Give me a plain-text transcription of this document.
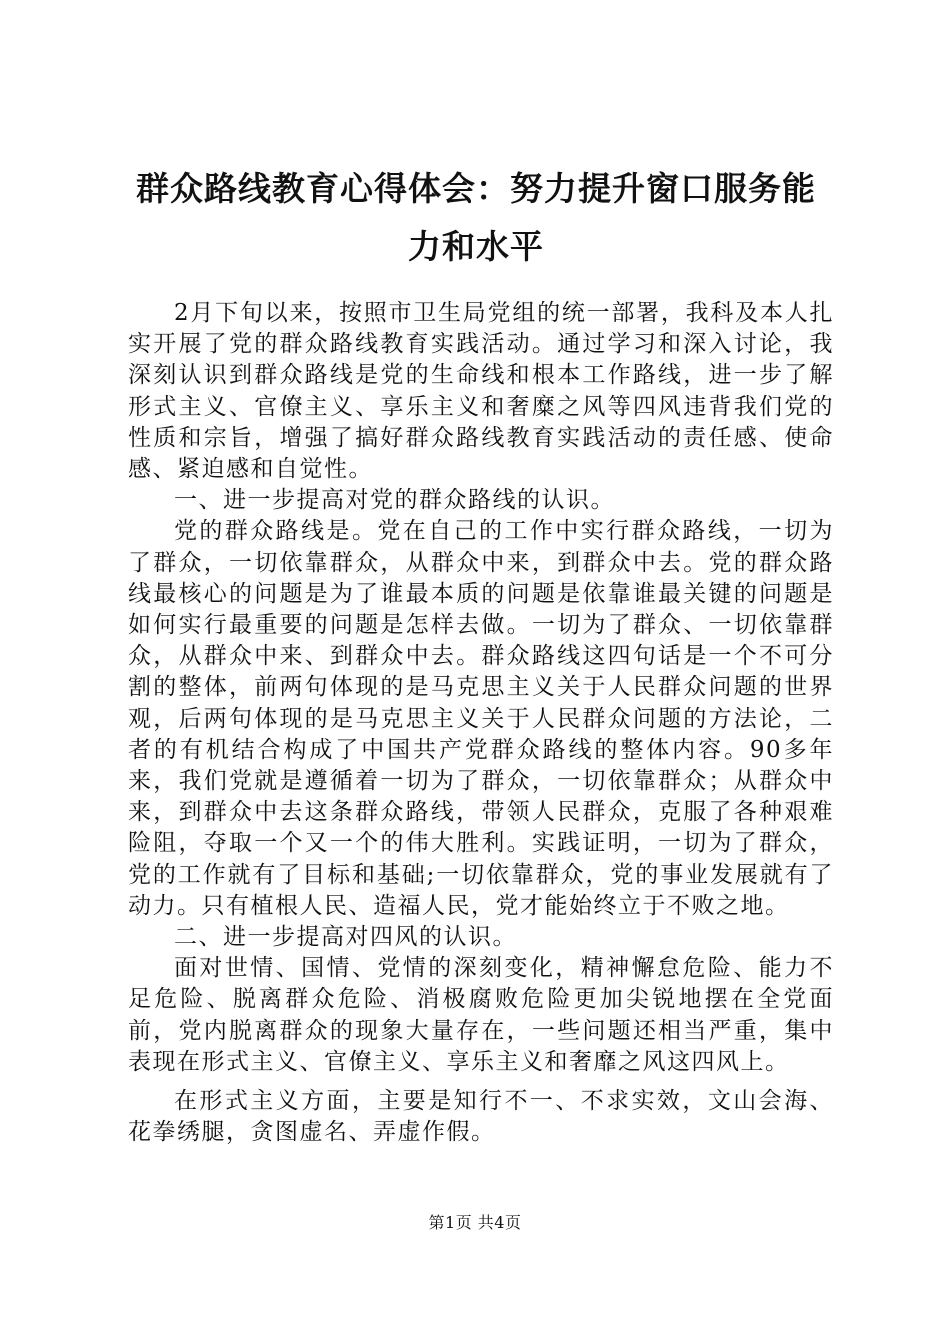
群众路线教育心得体会：努力提升窗口服务能力和水平

2月下旬以来，按照市卫生局党组的统一部署，我科及本人扎实开展了党的群众路线教育实践活动。通过学习和深入讨论，我深刻认识到群众路线是党的生命线和根本工作路线，进一步了解形式主义、官僚主义、享乐主义和奢糜之风等四风违背我们党的性质和宗旨，增强了搞好群众路线教育实践活动的责任感、使命感、紧迫感和自觉性。

一、进一步提高对党的群众路线的认识。

党的群众路线是。党在自己的工作中实行群众路线，一切为了群众，一切依靠群众，从群众中来，到群众中去。党的群众路线最核心的问题是为了谁最本质的问题是依靠谁最关键的问题是如何实行最重要的问题是怎样去做。一切为了群众、一切依靠群众，从群众中来、到群众中去。群众路线这四句话是一个不可分割的整体，前两句体现的是马克思主义关于人民群众问题的世界观，后两句体现的是马克思主义关于人民群众问题的方法论，二者的有机结合构成了中国共产党群众路线的整体内容。90多年来，我们党就是遵循着一切为了群众，一切依靠群众；从群众中来，到群众中去这条群众路线，带领人民群众，克服了各种艰难险阻，夺取一个又一个的伟大胜利。实践证明，一切为了群众，党的工作就有了目标和基础;一切依靠群众，党的事业发展就有了动力。只有植根人民、造福人民，党才能始终立于不败之地。

二、进一步提高对四风的认识。

面对世情、国情、党情的深刻变化，精神懈怠危险、能力不足危险、脱离群众危险、消极腐败危险更加尖锐地摆在全党面前，党内脱离群众的现象大量存在，一些问题还相当严重，集中表现在形式主义、官僚主义、享乐主义和奢靡之风这四风上。

在形式主义方面，主要是知行不一、不求实效，文山会海、花拳绣腿，贪图虚名、弄虚作假。

第1页 共4页
